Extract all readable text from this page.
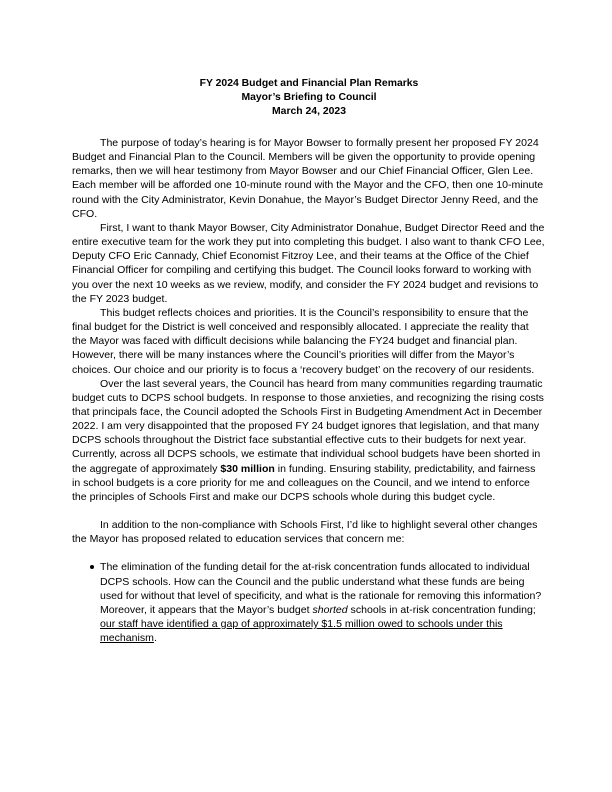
FY 2024 Budget and Financial Plan Remarks
Mayor’s Briefing to Council
March 24, 2023

The purpose of today’s hearing is for Mayor Bowser to formally present her proposed FY 2024 Budget and Financial Plan to the Council. Members will be given the opportunity to provide opening remarks, then we will hear testimony from Mayor Bowser and our Chief Financial Officer, Glen Lee. Each member will be afforded one 10-minute round with the Mayor and the CFO, then one 10-minute round with the City Administrator, Kevin Donahue, the Mayor’s Budget Director Jenny Reed, and the CFO.

First, I want to thank Mayor Bowser, City Administrator Donahue, Budget Director Reed and the entire executive team for the work they put into completing this budget. I also want to thank CFO Lee, Deputy CFO Eric Cannady, Chief Economist Fitzroy Lee, and their teams at the Office of the Chief Financial Officer for compiling and certifying this budget. The Council looks forward to working with you over the next 10 weeks as we review, modify, and consider the FY 2024 budget and revisions to the FY 2023 budget.

This budget reflects choices and priorities. It is the Council’s responsibility to ensure that the final budget for the District is well conceived and responsibly allocated. I appreciate the reality that the Mayor was faced with difficult decisions while balancing the FY24 budget and financial plan. However, there will be many instances where the Council’s priorities will differ from the Mayor’s choices. Our choice and our priority is to focus a ‘recovery budget’ on the recovery of our residents.

Over the last several years, the Council has heard from many communities regarding traumatic budget cuts to DCPS school budgets. In response to those anxieties, and recognizing the rising costs that principals face, the Council adopted the Schools First in Budgeting Amendment Act in December 2022. I am very disappointed that the proposed FY 24 budget ignores that legislation, and that many DCPS schools throughout the District face substantial effective cuts to their budgets for next year. Currently, across all DCPS schools, we estimate that individual school budgets have been shorted in the aggregate of approximately $30 million in funding. Ensuring stability, predictability, and fairness in school budgets is a core priority for me and colleagues on the Council, and we intend to enforce the principles of Schools First and make our DCPS schools whole during this budget cycle.

In addition to the non-compliance with Schools First, I’d like to highlight several other changes the Mayor has proposed related to education services that concern me:

The elimination of the funding detail for the at-risk concentration funds allocated to individual DCPS schools. How can the Council and the public understand what these funds are being used for without that level of specificity, and what is the rationale for removing this information? Moreover, it appears that the Mayor’s budget shorted schools in at-risk concentration funding; our staff have identified a gap of approximately $1.5 million owed to schools under this mechanism.
